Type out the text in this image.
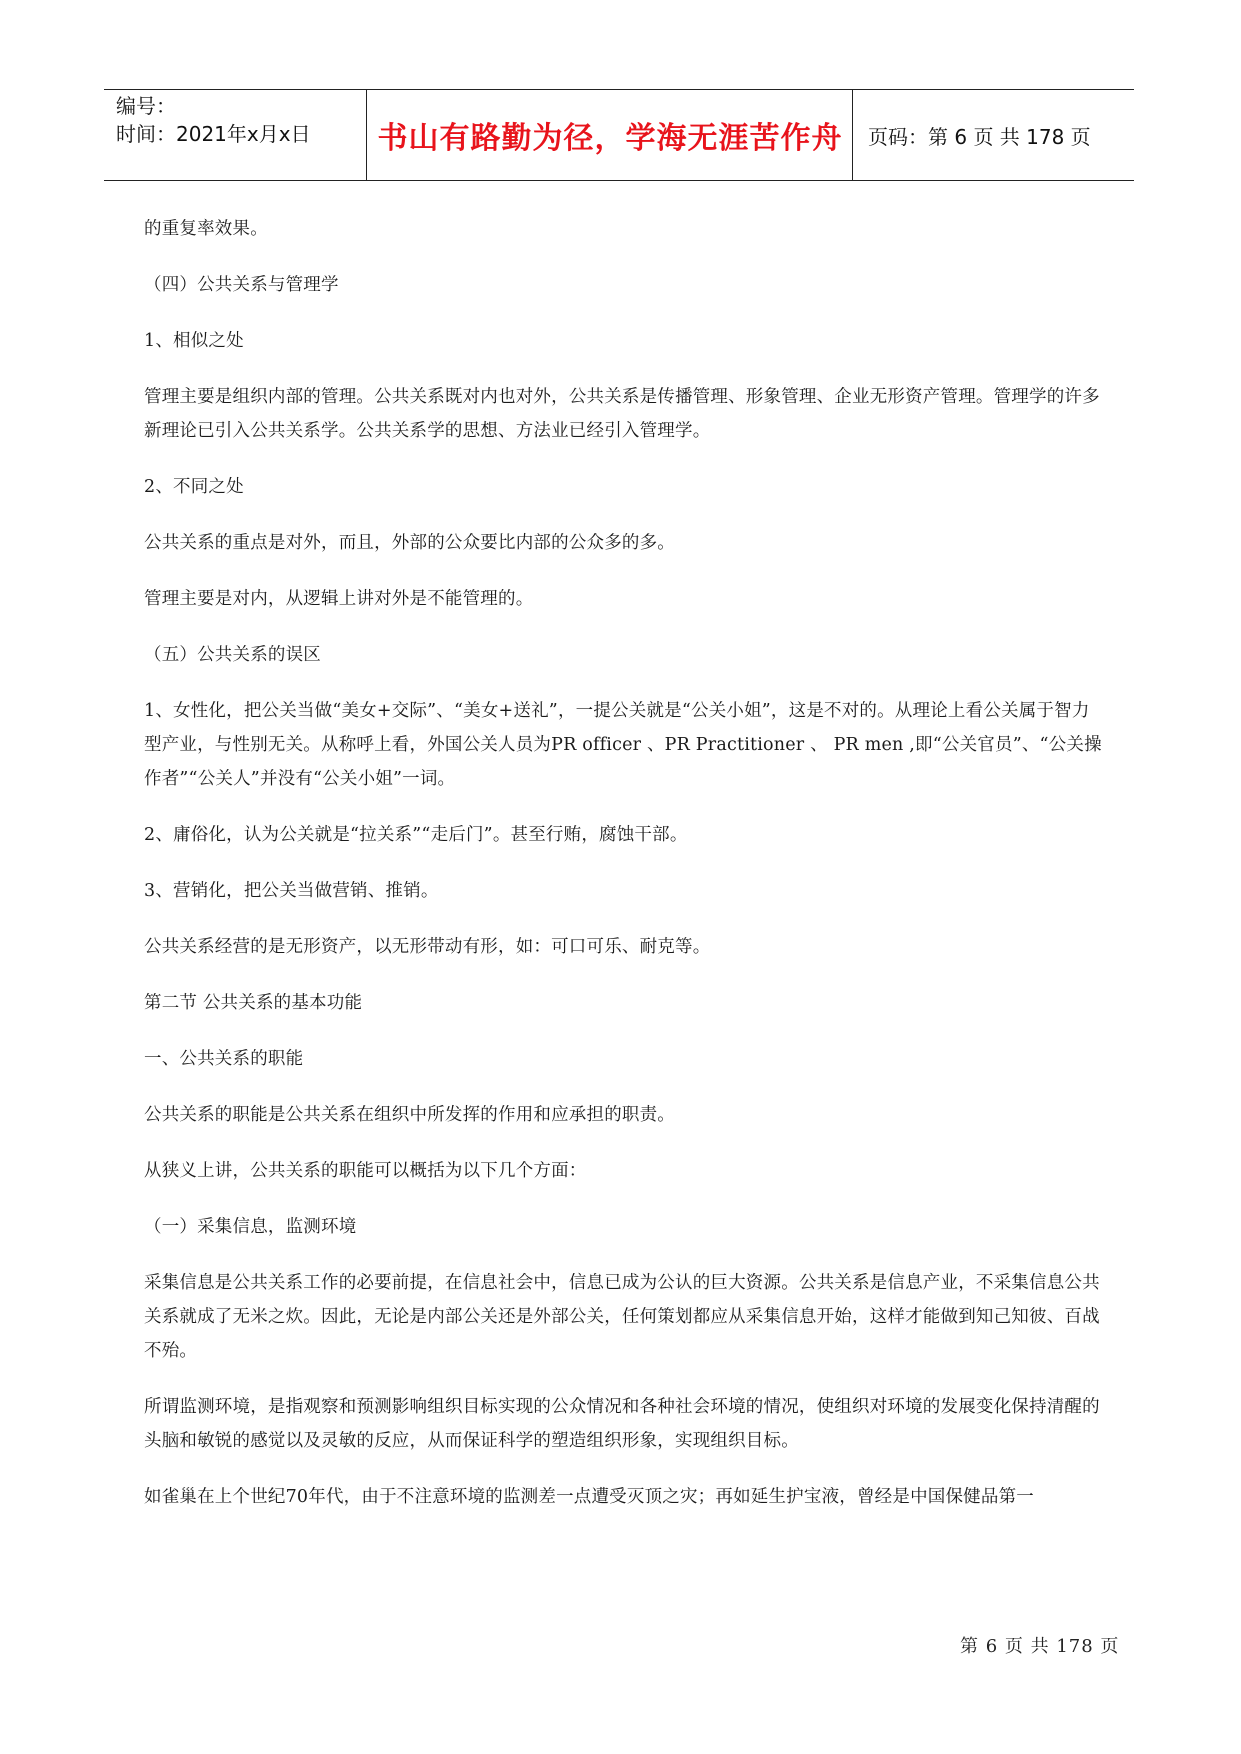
编号：
时间：2021年x月x日	书山有路勤为径，学海无涯苦作舟	页码：第 6 页 共 178 页

的重复率效果。

（四）公共关系与管理学

1、相似之处

管理主要是组织内部的管理。公共关系既对内也对外，公共关系是传播管理、形象管理、企业无形资产管理。管理学的许多新理论已引入公共关系学。公共关系学的思想、方法业已经引入管理学。

2、不同之处

公共关系的重点是对外，而且，外部的公众要比内部的公众多的多。

管理主要是对内，从逻辑上讲对外是不能管理的。

（五）公共关系的误区

1、女性化，把公关当做“美女+交际”、“美女+送礼”，一提公关就是“公关小姐”，这是不对的。从理论上看公关属于智力型产业，与性别无关。从称呼上看，外国公关人员为PR officer 、PR Practitioner 、 PR men ,即“公关官员”、“公关操作者”“公关人”并没有“公关小姐”一词。

2、庸俗化，认为公关就是“拉关系”“走后门”。甚至行贿，腐蚀干部。

3、营销化，把公关当做营销、推销。

公共关系经营的是无形资产，以无形带动有形，如：可口可乐、耐克等。

第二节 公共关系的基本功能

一、公共关系的职能

公共关系的职能是公共关系在组织中所发挥的作用和应承担的职责。

从狭义上讲，公共关系的职能可以概括为以下几个方面：

（一）采集信息，监测环境

采集信息是公共关系工作的必要前提，在信息社会中，信息已成为公认的巨大资源。公共关系是信息产业，不采集信息公共关系就成了无米之炊。因此，无论是内部公关还是外部公关，任何策划都应从采集信息开始，这样才能做到知己知彼、百战不殆。

所谓监测环境，是指观察和预测影响组织目标实现的公众情况和各种社会环境的情况，使组织对环境的发展变化保持清醒的头脑和敏锐的感觉以及灵敏的反应，从而保证科学的塑造组织形象，实现组织目标。

如雀巢在上个世纪70年代，由于不注意环境的监测差一点遭受灭顶之灾；再如延生护宝液，曾经是中国保健品第一

第 6 页 共 178 页
